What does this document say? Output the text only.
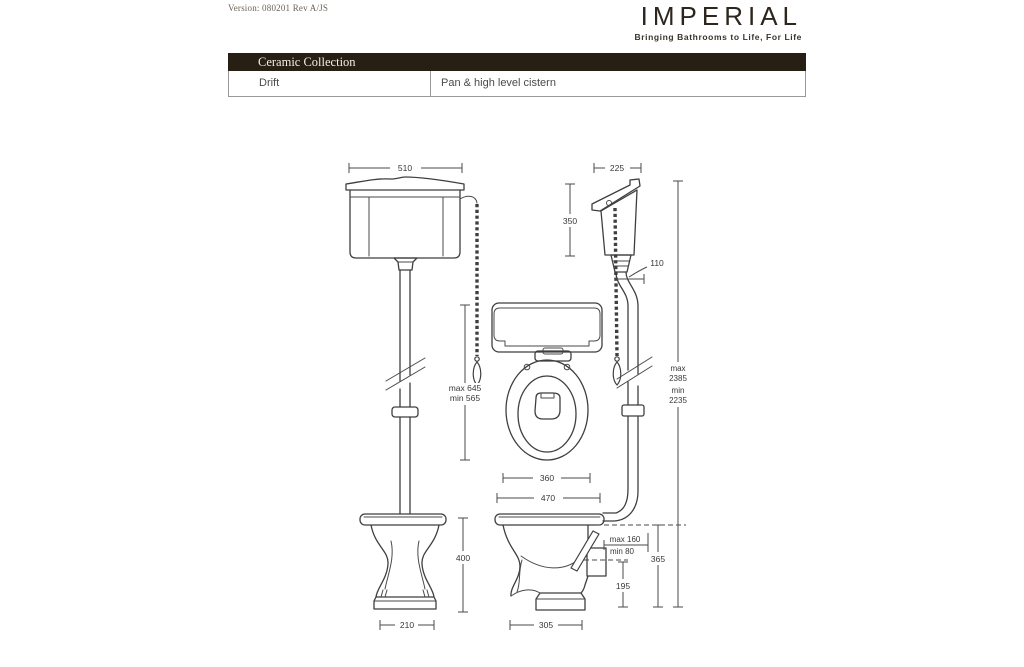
Version: 080201 Rev A/JS	IMPERIAL
Bringing Bathrooms to Life, For Life
Ceramic Collection
Drift	Pan & high level cistern
510
max 645
min 565
400
210
360
470
225
350
110
max
2385
min
2235
max 160
min 80
195
365
305
